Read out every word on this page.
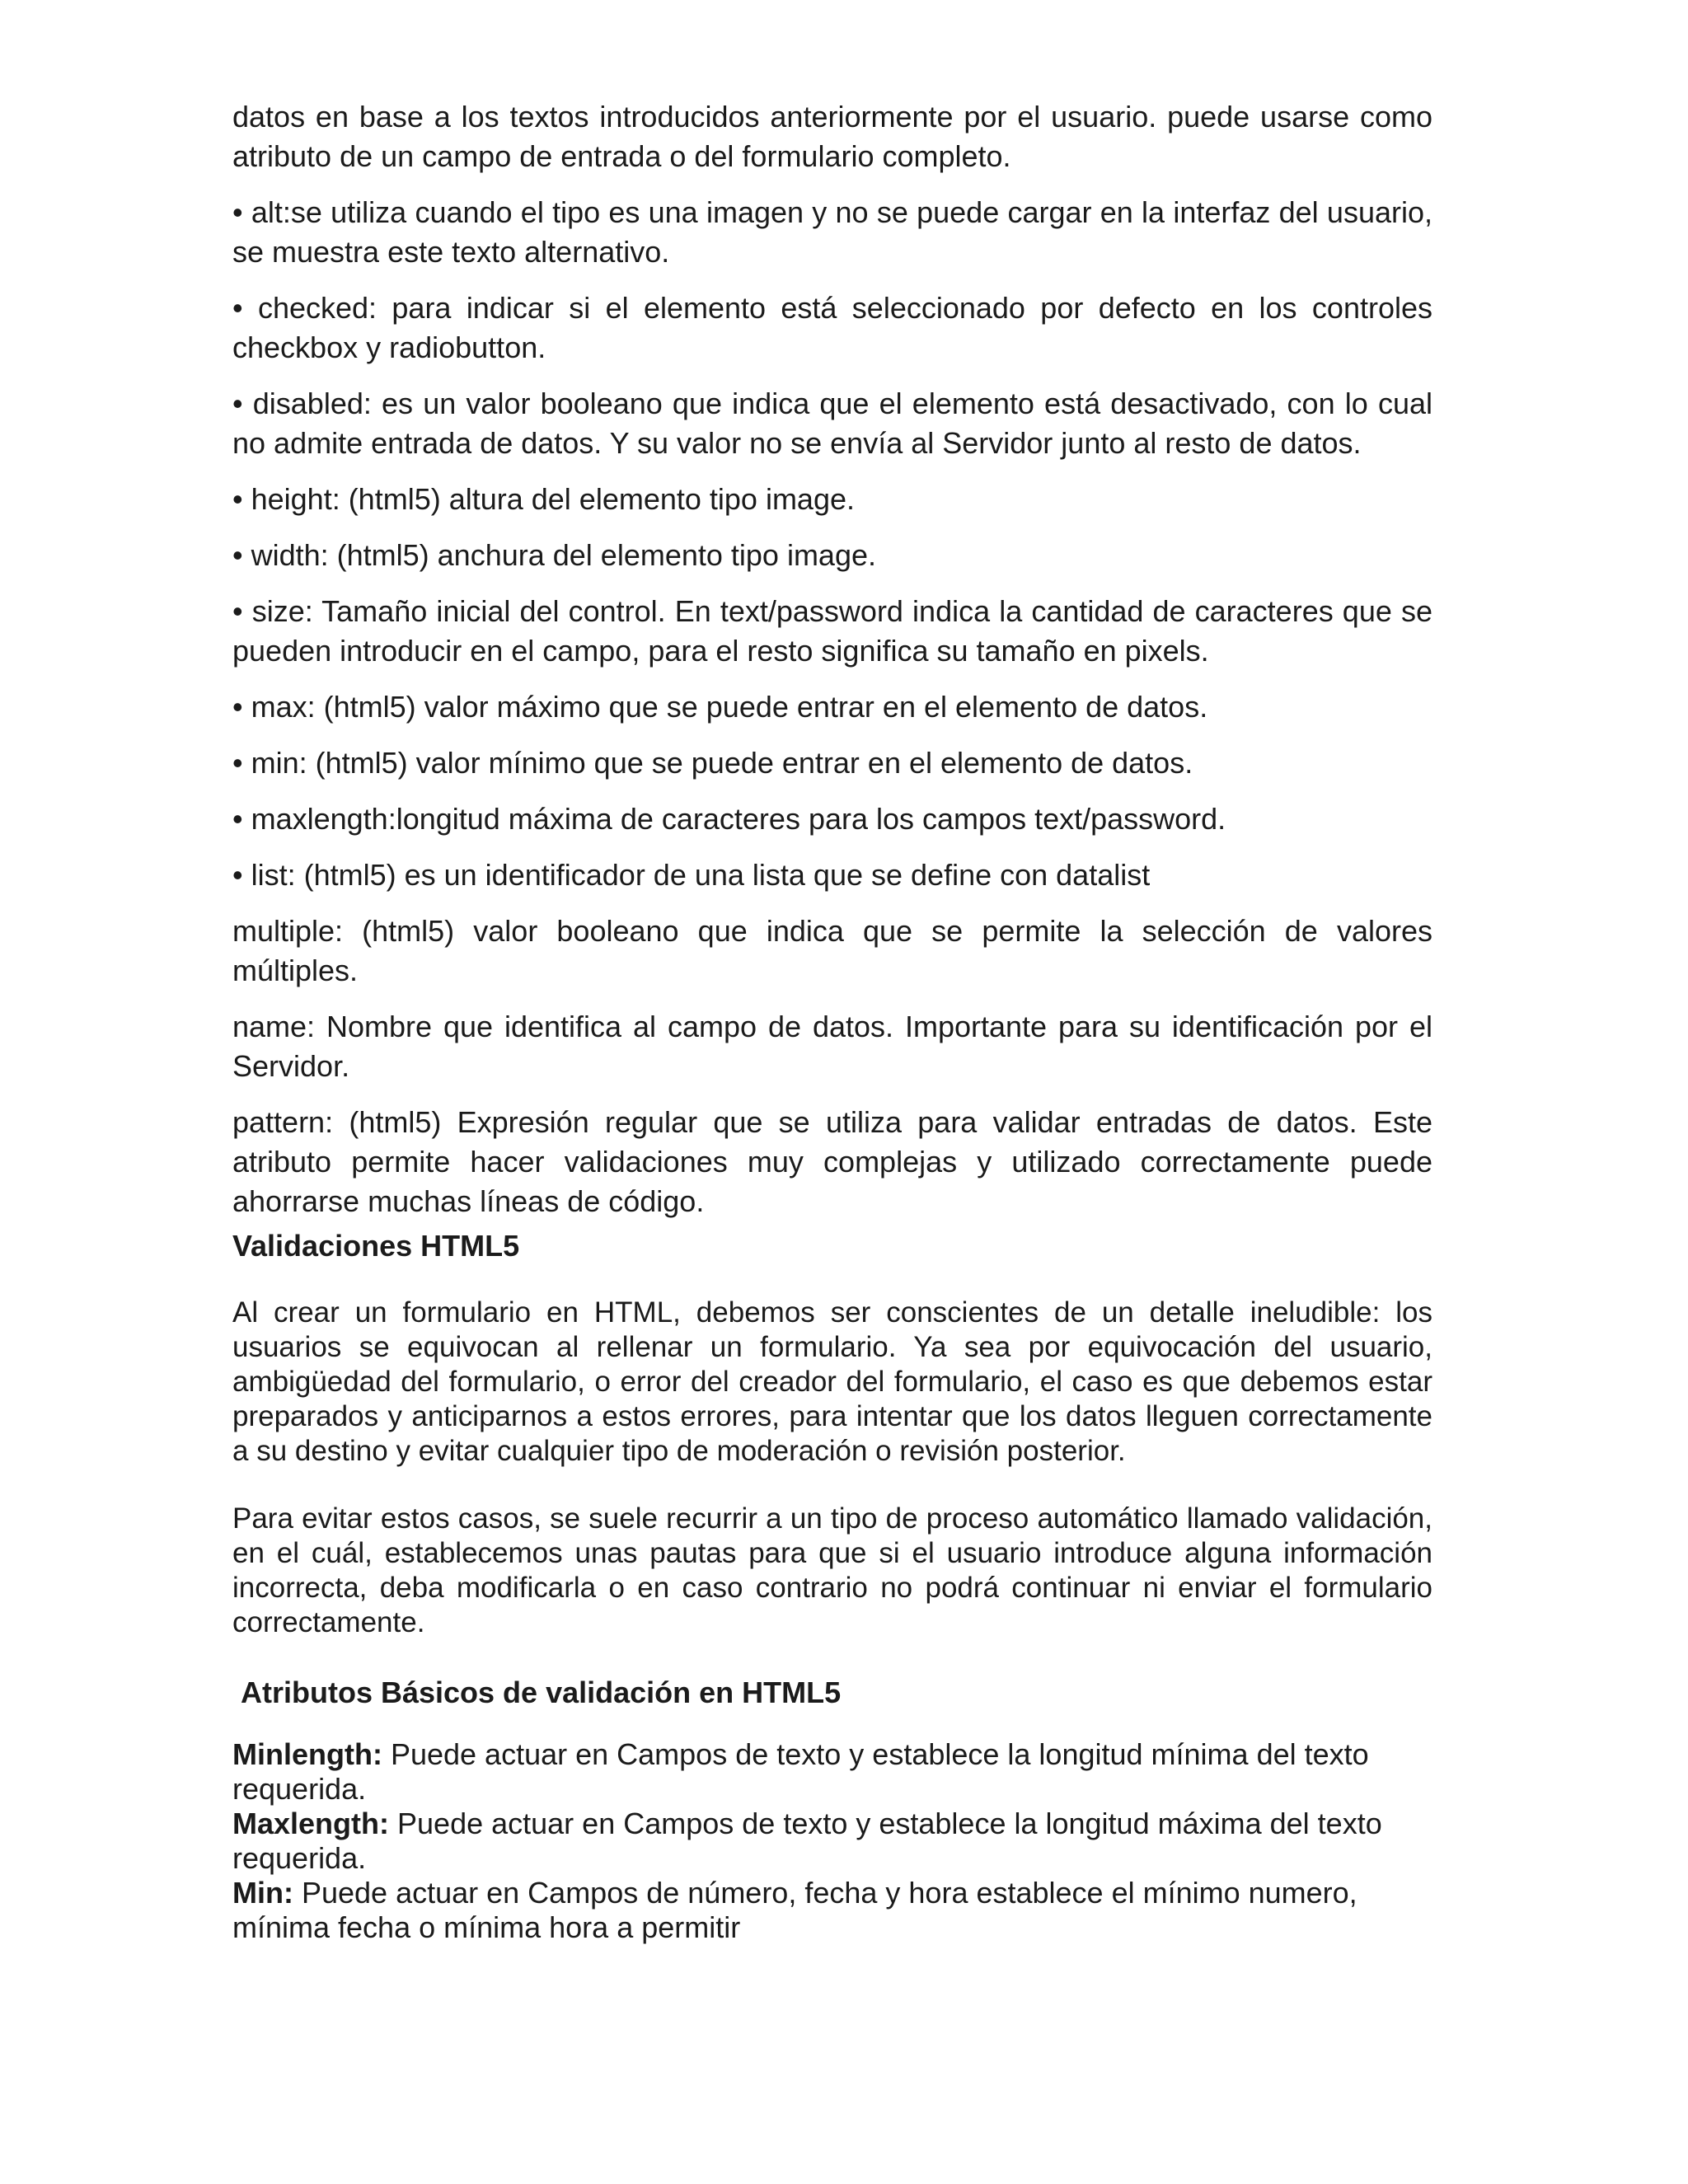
datos en base a los textos introducidos anteriormente por el usuario. puede usarse como atributo de un campo de entrada o del formulario completo.

• alt:se utiliza cuando el tipo es una imagen y no se puede cargar en la interfaz del usuario, se muestra este texto alternativo.

• checked: para indicar si el elemento está seleccionado por defecto en los controles checkbox y radiobutton.

• disabled: es un valor booleano que indica que el elemento está desactivado, con lo cual no admite entrada de datos. Y su valor no se envía al Servidor junto al resto de datos.

• height: (html5) altura del elemento tipo image.

• width: (html5) anchura del elemento tipo image.

• size: Tamaño inicial del control. En text/password indica la cantidad de caracteres que se pueden introducir en el campo, para el resto significa su tamaño en pixels.

• max: (html5) valor máximo que se puede entrar en el elemento de datos.

• min: (html5) valor mínimo que se puede entrar en el elemento de datos.

• maxlength:longitud máxima de caracteres para los campos text/password.

• list: (html5) es un identificador de una lista que se define con datalist

multiple: (html5) valor booleano que indica que se permite la selección de valores múltiples.

name: Nombre que identifica al campo de datos. Importante para su identificación por el Servidor.

pattern: (html5) Expresión regular que se utiliza para validar entradas de datos. Este atributo permite hacer validaciones muy complejas y utilizado correctamente puede ahorrarse muchas líneas de código.

Validaciones HTML5

Al crear un formulario en HTML, debemos ser conscientes de un detalle ineludible: los usuarios se equivocan al rellenar un formulario. Ya sea por equivocación del usuario, ambigüedad del formulario, o error del creador del formulario, el caso es que debemos estar preparados y anticiparnos a estos errores, para intentar que los datos lleguen correctamente a su destino y evitar cualquier tipo de moderación o revisión posterior.

Para evitar estos casos, se suele recurrir a un tipo de proceso automático llamado validación, en el cuál, establecemos unas pautas para que si el usuario introduce alguna información incorrecta, deba modificarla o en caso contrario no podrá continuar ni enviar el formulario correctamente.

Atributos Básicos de validación en HTML5

Minlength: Puede actuar en Campos de texto y establece la longitud mínima del texto requerida.

Maxlength: Puede actuar en Campos de texto y establece la longitud máxima del texto requerida.

Min: Puede actuar en Campos de número, fecha y hora establece el mínimo numero, mínima fecha o mínima hora a permitir
